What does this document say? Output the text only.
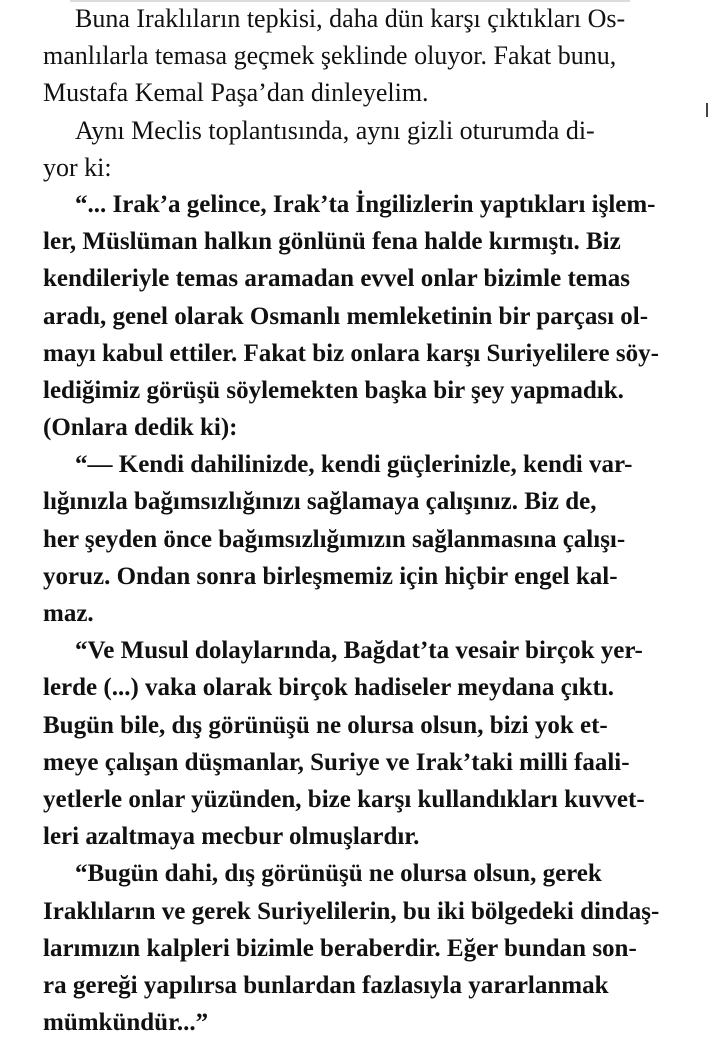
Buna Iraklıların tepkisi, daha dün karşı çıktıkları Os-
manlılarla temasa geçmek şeklinde oluyor. Fakat bunu,
Mustafa Kemal Paşa’dan dinleyelim.
Aynı Meclis toplantısında, aynı gizli oturumda di-
yor ki:
“... Irak’a gelince, Irak’ta İngilizlerin yaptıkları işlem-
ler, Müslüman halkın gönlünü fena halde kırmıştı. Biz
kendileriyle temas aramadan evvel onlar bizimle temas
aradı, genel olarak Osmanlı memleketinin bir parçası ol-
mayı kabul ettiler. Fakat biz onlara karşı Suriyelilere söy-
lediğimiz görüşü söylemekten başka bir şey yapmadık.
(Onlara dedik ki):
“— Kendi dahilinizde, kendi güçlerinizle, kendi var-
lığınızla bağımsızlığınızı sağlamaya çalışınız. Biz de,
her şeyden önce bağımsızlığımızın sağlanmasına çalışı-
yoruz. Ondan sonra birleşmemiz için hiçbir engel kal-
maz.
“Ve Musul dolaylarında, Bağdat’ta vesair birçok yer-
lerde (...) vaka olarak birçok hadiseler meydana çıktı.
Bugün bile, dış görünüşü ne olursa olsun, bizi yok et-
meye çalışan düşmanlar, Suriye ve Irak’taki milli faali-
yetlerle onlar yüzünden, bize karşı kullandıkları kuvvet-
leri azaltmaya mecbur olmuşlardır.
“Bugün dahi, dış görünüşü ne olursa olsun, gerek
Iraklıların ve gerek Suriyelilerin, bu iki bölgedeki dindaş-
larımızın kalpleri bizimle beraberdir. Eğer bundan son-
ra gereği yapılırsa bunlardan fazlasıyla yararlanmak
mümkündür...”
